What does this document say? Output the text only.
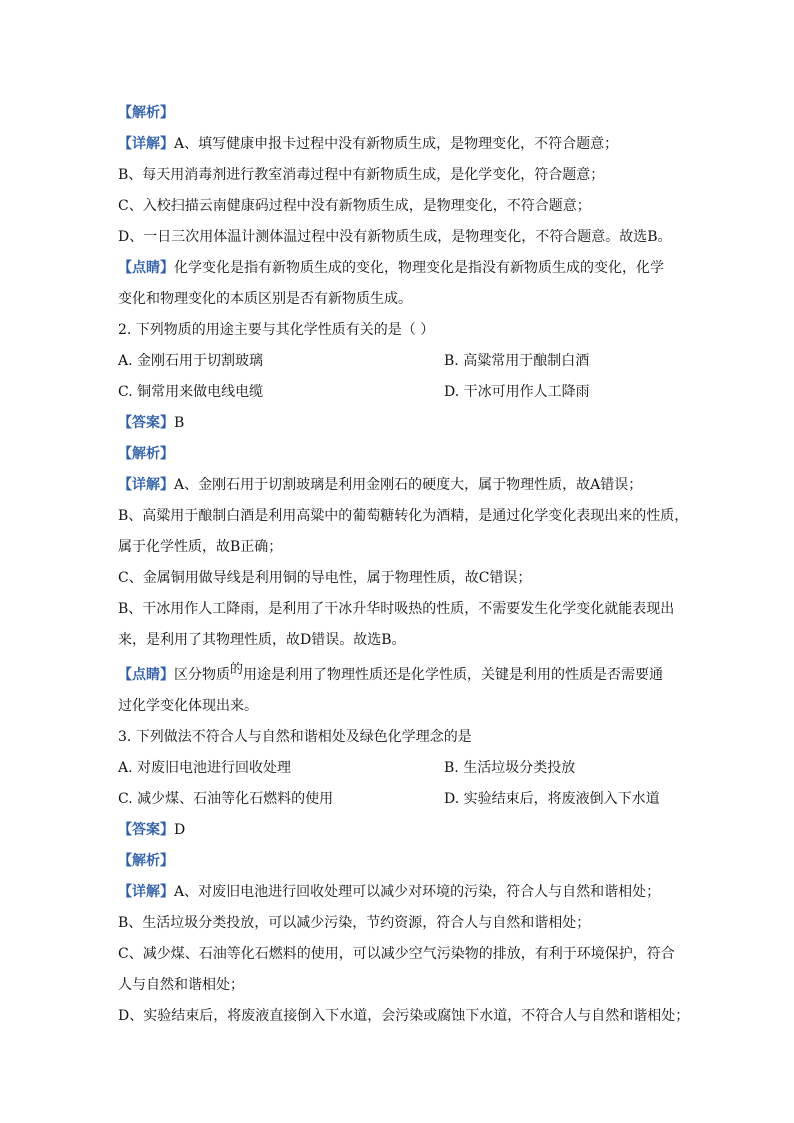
【解析】
【详解】A、填写健康申报卡过程中没有新物质生成，是物理变化，不符合题意；
B、每天用消毒剂进行教室消毒过程中有新物质生成，是化学变化，符合题意；
C、入校扫描云南健康码过程中没有新物质生成，是物理变化，不符合题意；
D、一日三次用体温计测体温过程中没有新物质生成，是物理变化，不符合题意。故选B。
【点睛】化学变化是指有新物质生成的变化，物理变化是指没有新物质生成的变化，化学
变化和物理变化的本质区别是否有新物质生成。
2. 下列物质的用途主要与其化学性质有关的是（ ）
A. 金刚石用于切割玻璃	B. 高粱常用于酿制白酒
C. 铜常用来做电线电缆	D. 干冰可用作人工降雨
【答案】B
【解析】
【详解】A、金刚石用于切割玻璃是利用金刚石的硬度大，属于物理性质，故A错误；
B、高粱用于酿制白酒是利用高粱中的葡萄糖转化为酒精，是通过化学变化表现出来的性质，
属于化学性质，故B正确；
C、金属铜用做导线是利用铜的导电性，属于物理性质，故C错误；
B、干冰用作人工降雨，是利用了干冰升华时吸热的性质，不需要发生化学变化就能表现出
来，是利用了其物理性质，故D错误。故选B。
【点睛】区分物质的用途是利用了物理性质还是化学性质，关键是利用的性质是否需要通
过化学变化体现出来。
3. 下列做法不符合人与自然和谐相处及绿色化学理念的是
A. 对废旧电池进行回收处理	B. 生活垃圾分类投放
C. 减少煤、石油等化石燃料的使用	D. 实验结束后，将废液倒入下水道
【答案】D
【解析】
【详解】A、对废旧电池进行回收处理可以减少对环境的污染，符合人与自然和谐相处；
B、生活垃圾分类投放，可以减少污染，节约资源，符合人与自然和谐相处；
C、减少煤、石油等化石燃料的使用，可以减少空气污染物的排放，有利于环境保护，符合
人与自然和谐相处；
D、实验结束后，将废液直接倒入下水道，会污染或腐蚀下水道，不符合人与自然和谐相处；
